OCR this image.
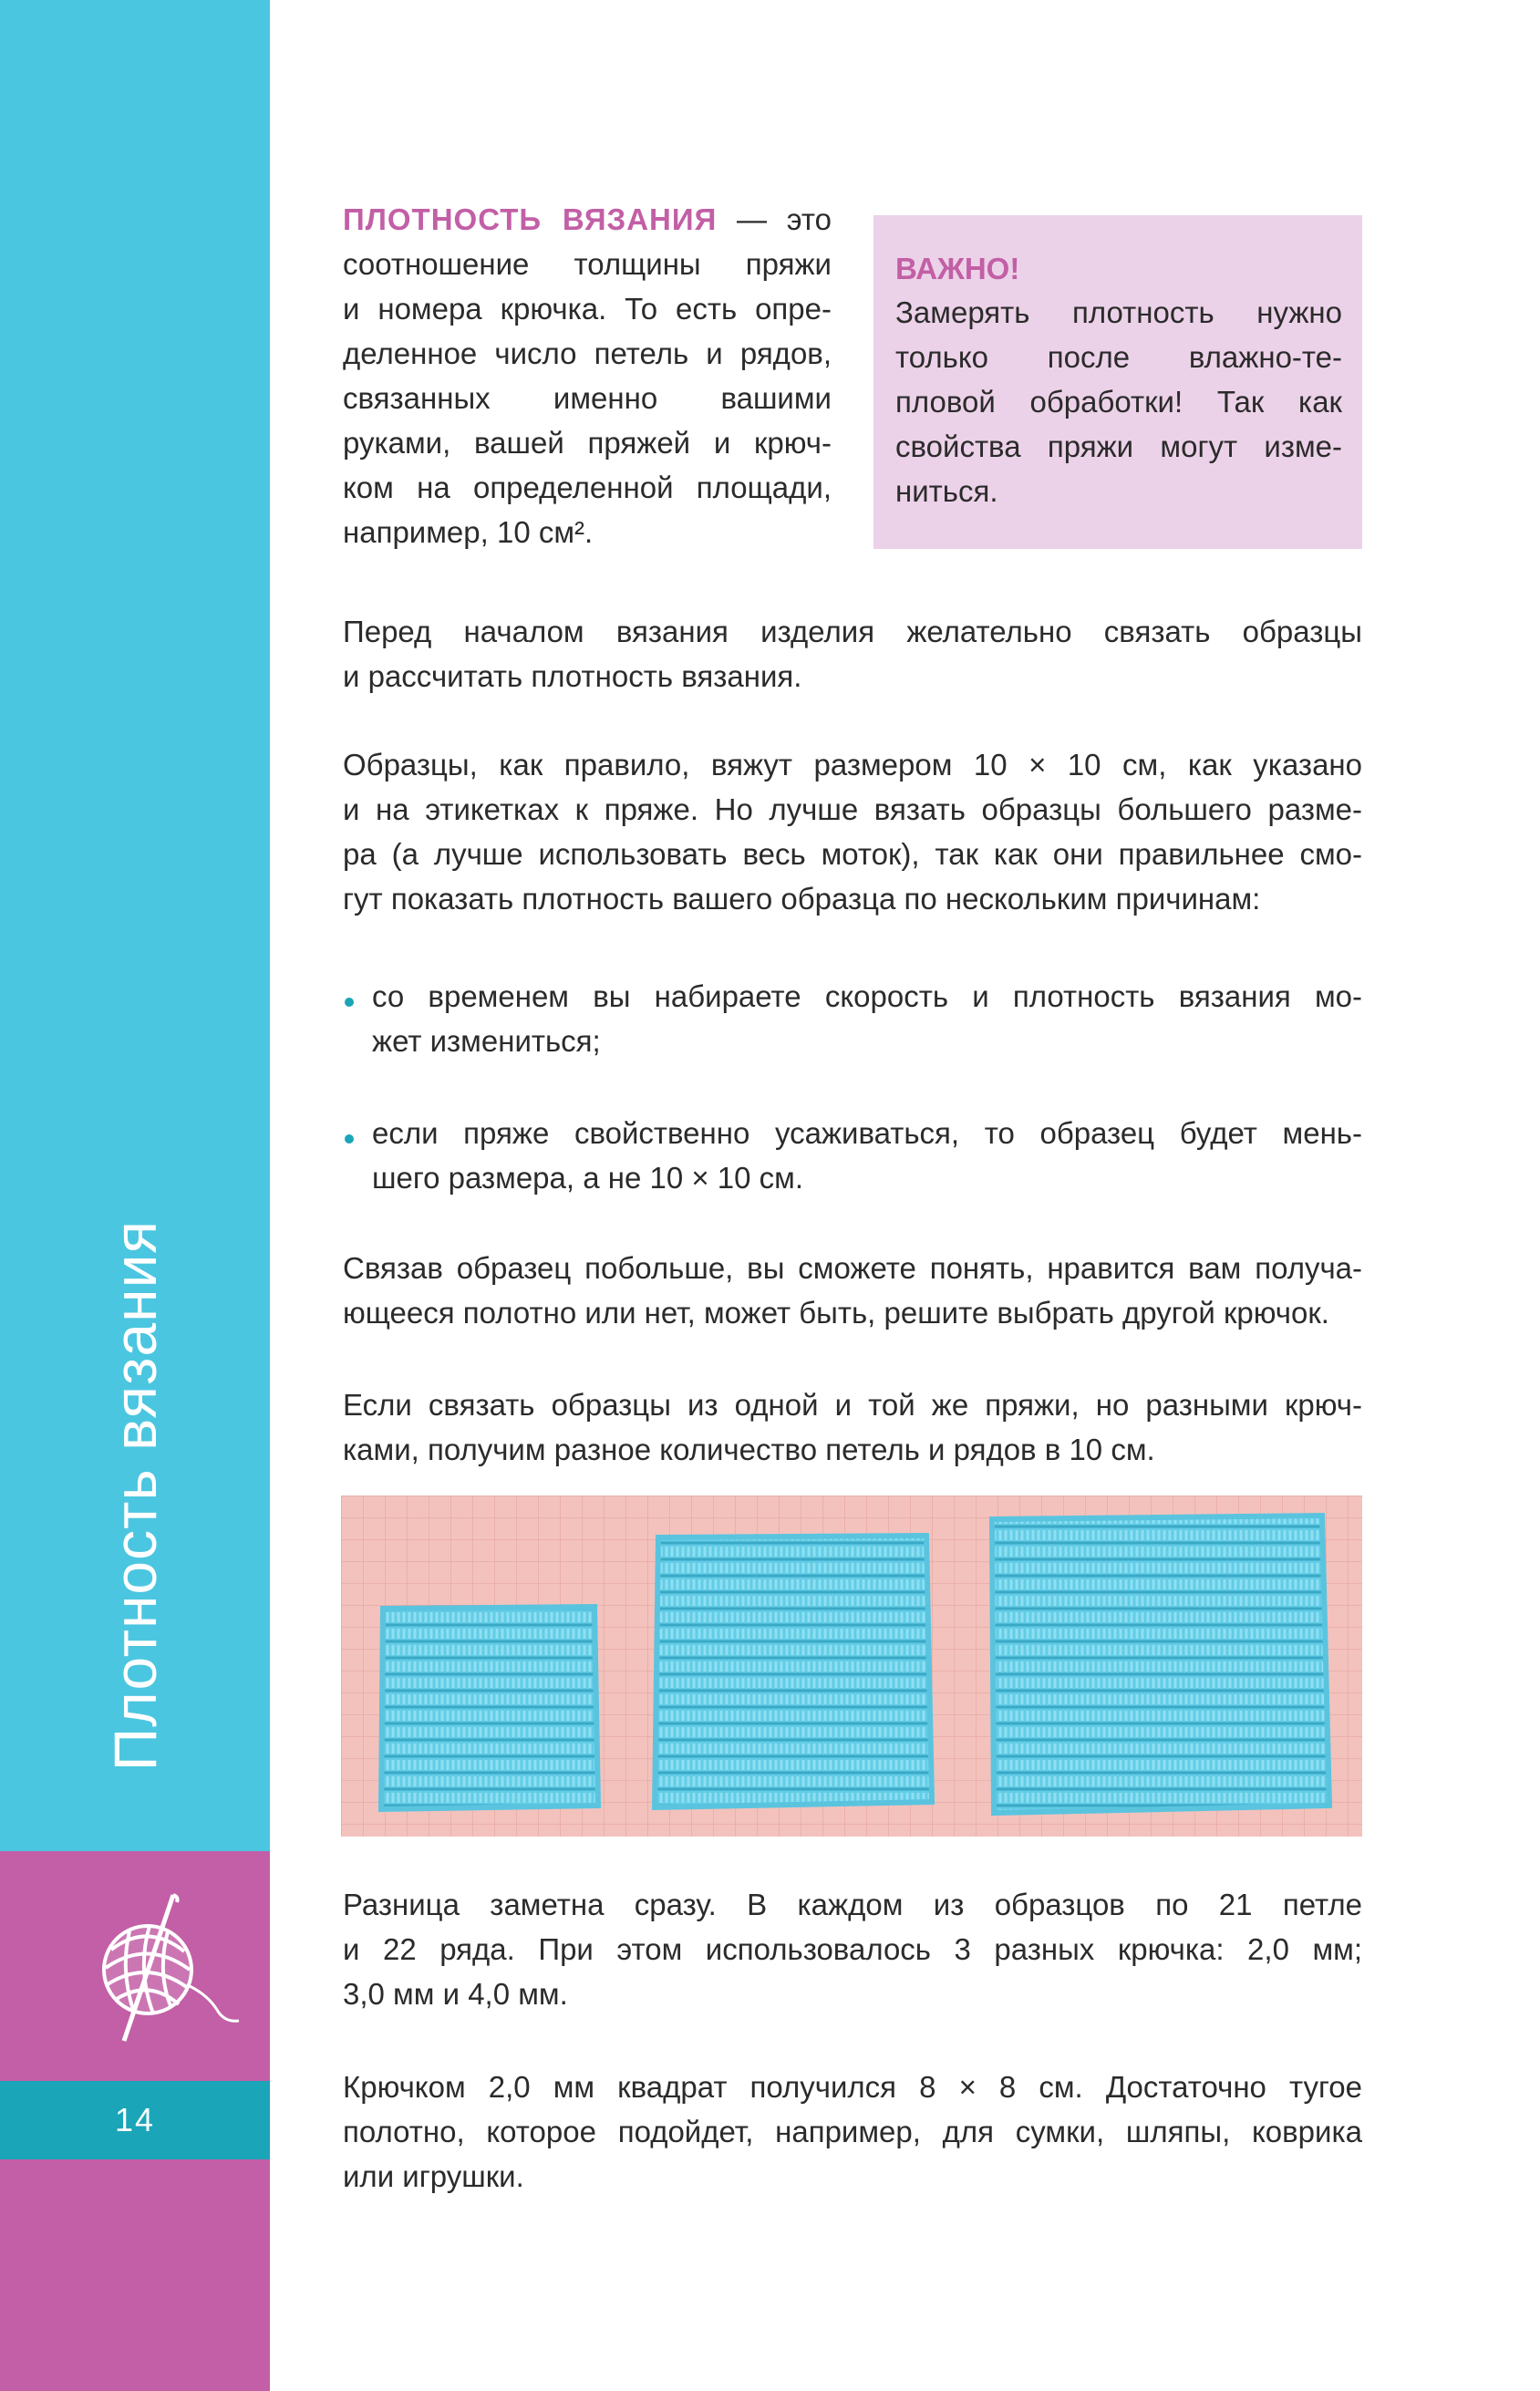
Плотность вязания
14
ПЛОТНОСТЬ ВЯЗАНИЯ — это
соотношение толщины пряжи
и номера крючка. То есть опре-
деленное число петель и рядов,
связанных именно вашими
руками, вашей пряжей и крюч-
ком на определенной площади,
например, 10 см².
ВАЖНО!
Замерять плотность нужно
только после влажно-те-
пловой обработки! Так как
свойства пряжи могут изме-
ниться.
Перед началом вязания изделия желательно связать образцы
и рассчитать плотность вязания.
Образцы, как правило, вяжут размером 10 × 10 см, как указано
и на этикетках к пряже. Но лучше вязать образцы большего разме-
ра (а лучше использовать весь моток), так как они правильнее смо-
гут показать плотность вашего образца по нескольким причинам:
со временем вы набираете скорость и плотность вязания мо-
жет измениться;
если пряже свойственно усаживаться, то образец будет мень-
шего размера, а не 10 × 10 см.
Связав образец побольше, вы сможете понять, нравится вам получа-
ющееся полотно или нет, может быть, решите выбрать другой крючок.
Если связать образцы из одной и той же пряжи, но разными крюч-
ками, получим разное количество петель и рядов в 10 см.
Разница заметна сразу. В каждом из образцов по 21 петле
и 22 ряда. При этом использовалось 3 разных крючка: 2,0 мм;
3,0 мм и 4,0 мм.
Крючком 2,0 мм квадрат получился 8 × 8 см. Достаточно тугое
полотно, которое подойдет, например, для сумки, шляпы, коврика
или игрушки.
